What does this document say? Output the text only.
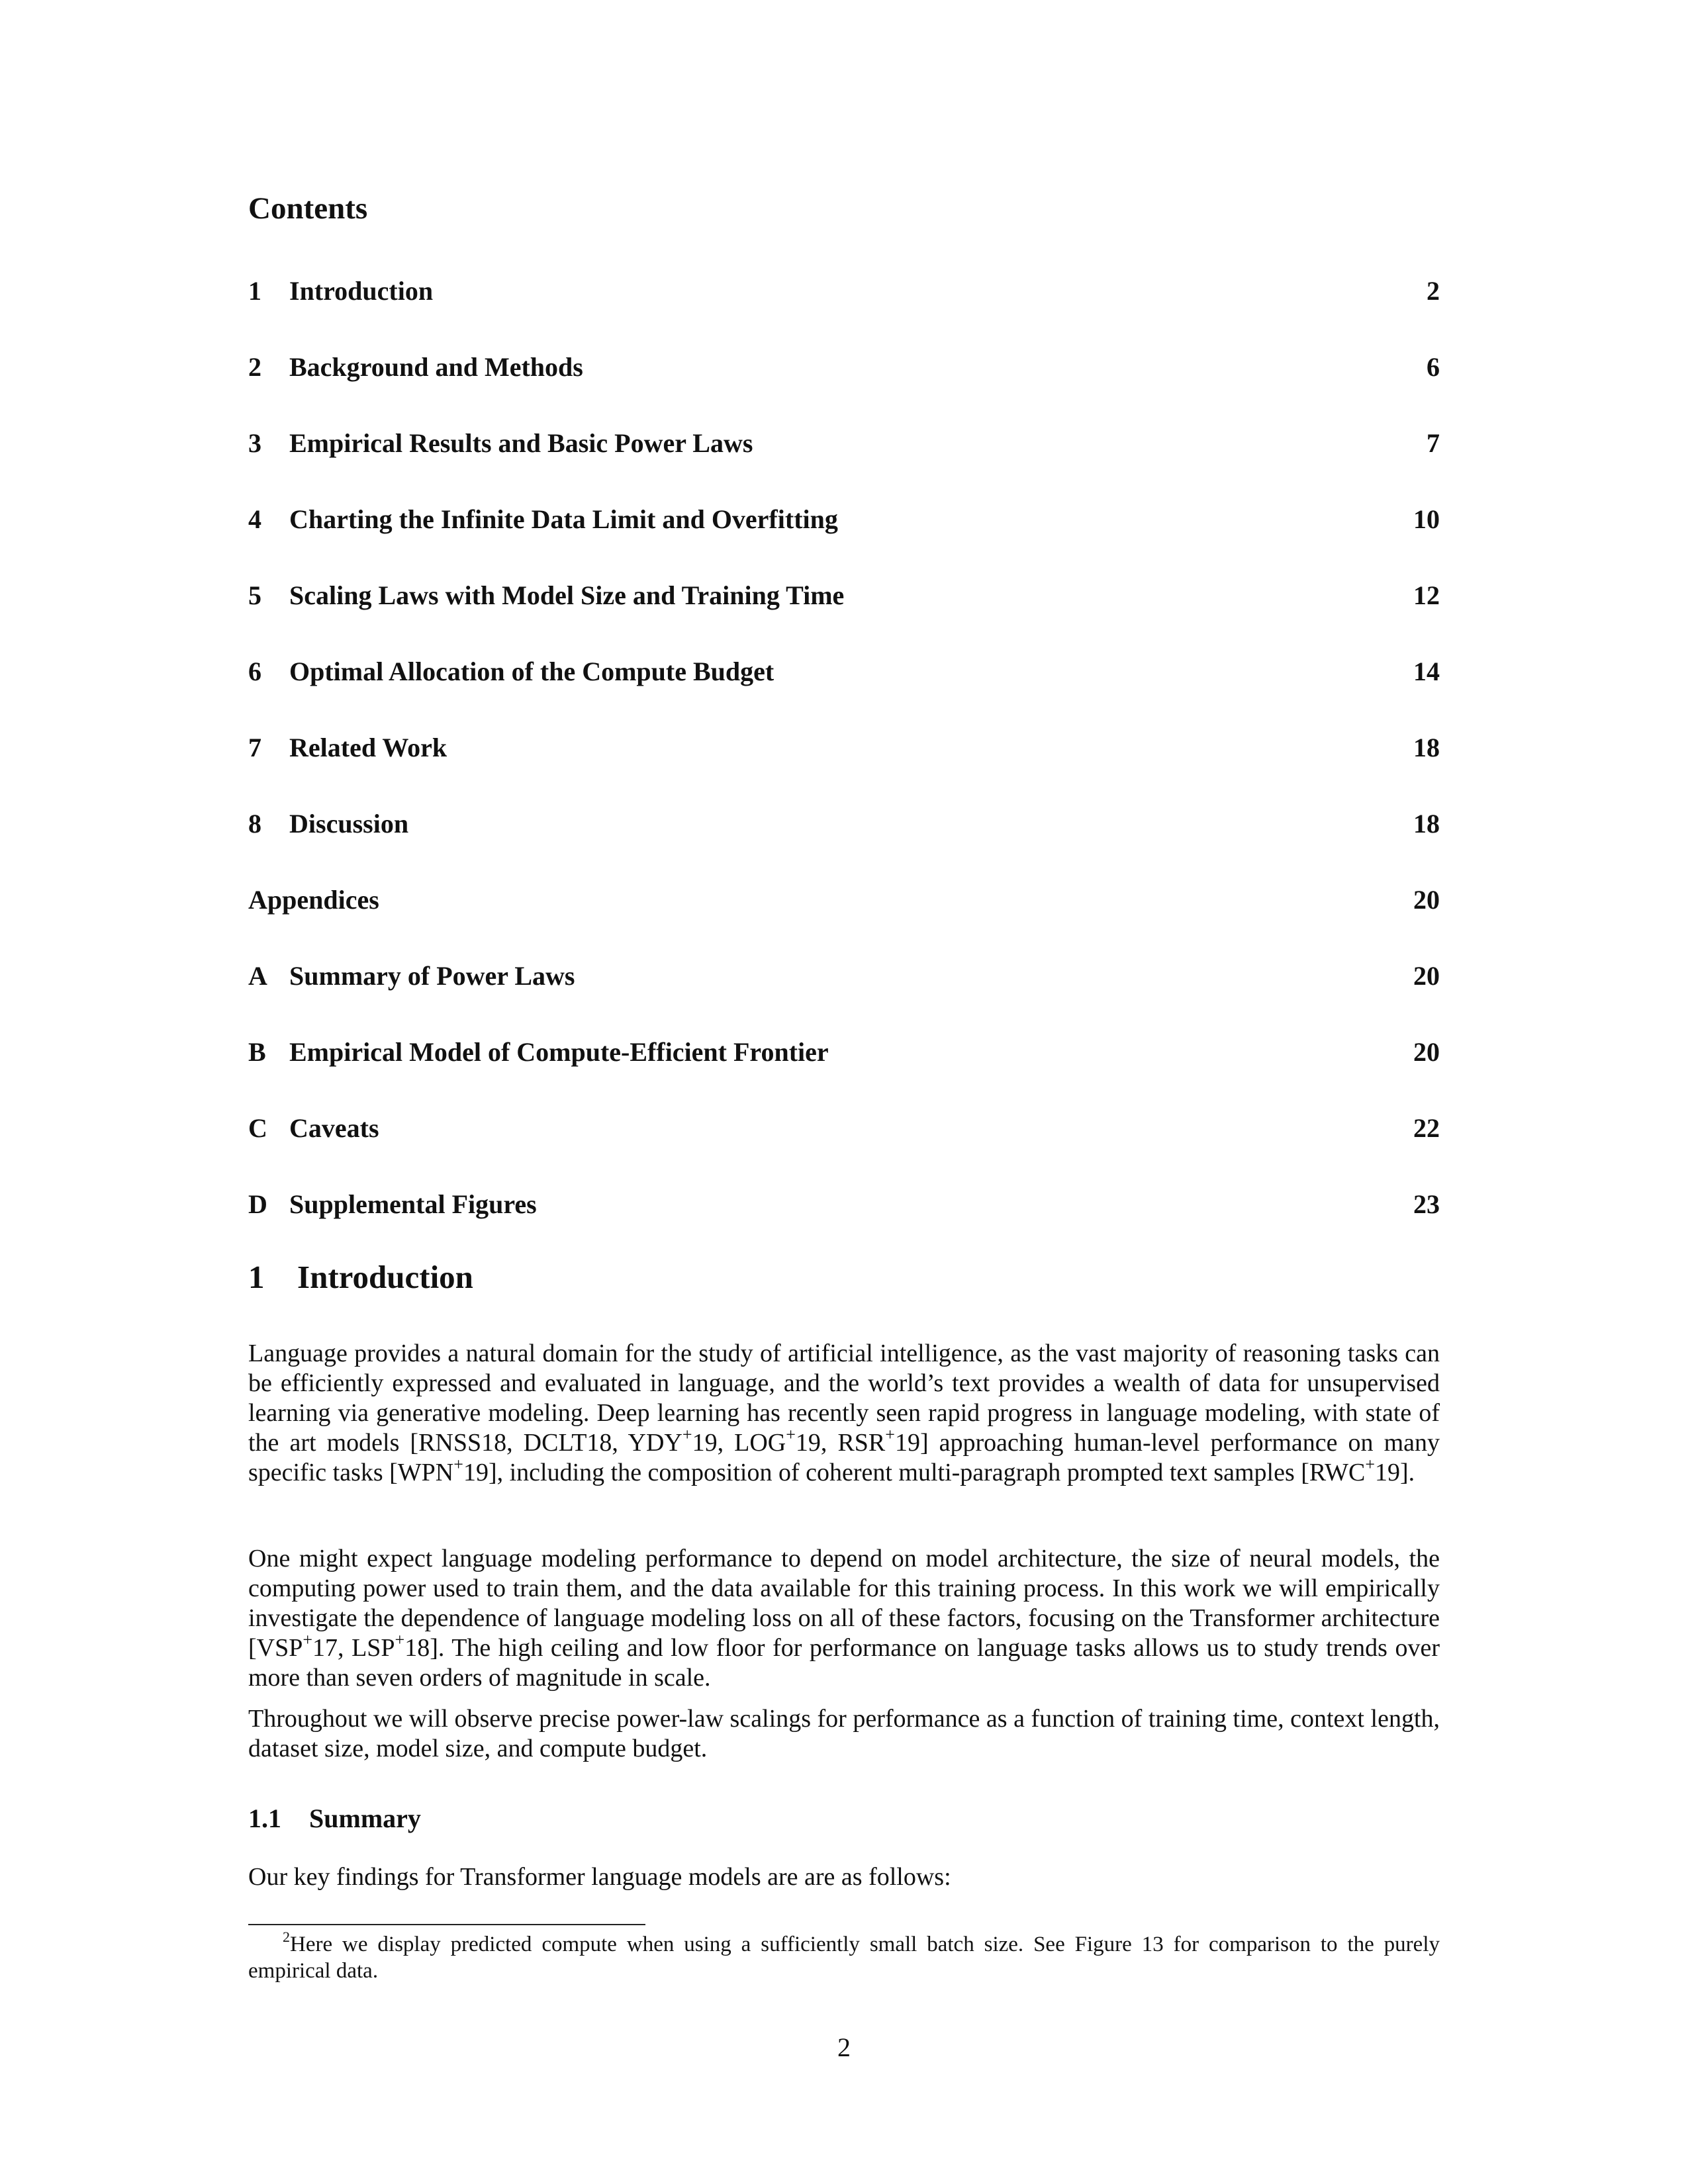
Contents
1	Introduction	2
2	Background and Methods	6
3	Empirical Results and Basic Power Laws	7
4	Charting the Infinite Data Limit and Overfitting	10
5	Scaling Laws with Model Size and Training Time	12
6	Optimal Allocation of the Compute Budget	14
7	Related Work	18
8	Discussion	18
Appendices	20
A Summary of Power Laws	20
B Empirical Model of Compute-Efficient Frontier	20
C Caveats	22
D Supplemental Figures	23
1 Introduction

Language provides a natural domain for the study of artificial intelligence, as the vast majority of reasoning tasks can be efficiently expressed and evaluated in language, and the world’s text provides a wealth of data for unsupervised learning via generative modeling. Deep learning has recently seen rapid progress in language modeling, with state of the art models [RNSS18, DCLT18, YDY+19, LOG+19, RSR+19] approaching human-level performance on many specific tasks [WPN+19], including the composition of coherent multi-paragraph prompted text samples [RWC+19].

One might expect language modeling performance to depend on model architecture, the size of neural models, the computing power used to train them, and the data available for this training process. In this work we will empirically investigate the dependence of language modeling loss on all of these factors, focusing on the Transformer architecture [VSP+17, LSP+18]. The high ceiling and low floor for performance on language tasks allows us to study trends over more than seven orders of magnitude in scale.

Throughout we will observe precise power-law scalings for performance as a function of training time, context length, dataset size, model size, and compute budget.

1.1 Summary

Our key findings for Transformer language models are are as follows:

$^2$Here we display predicted compute when using a sufficiently small batch size. See Figure 13 for comparison to the purely empirical data.

2
